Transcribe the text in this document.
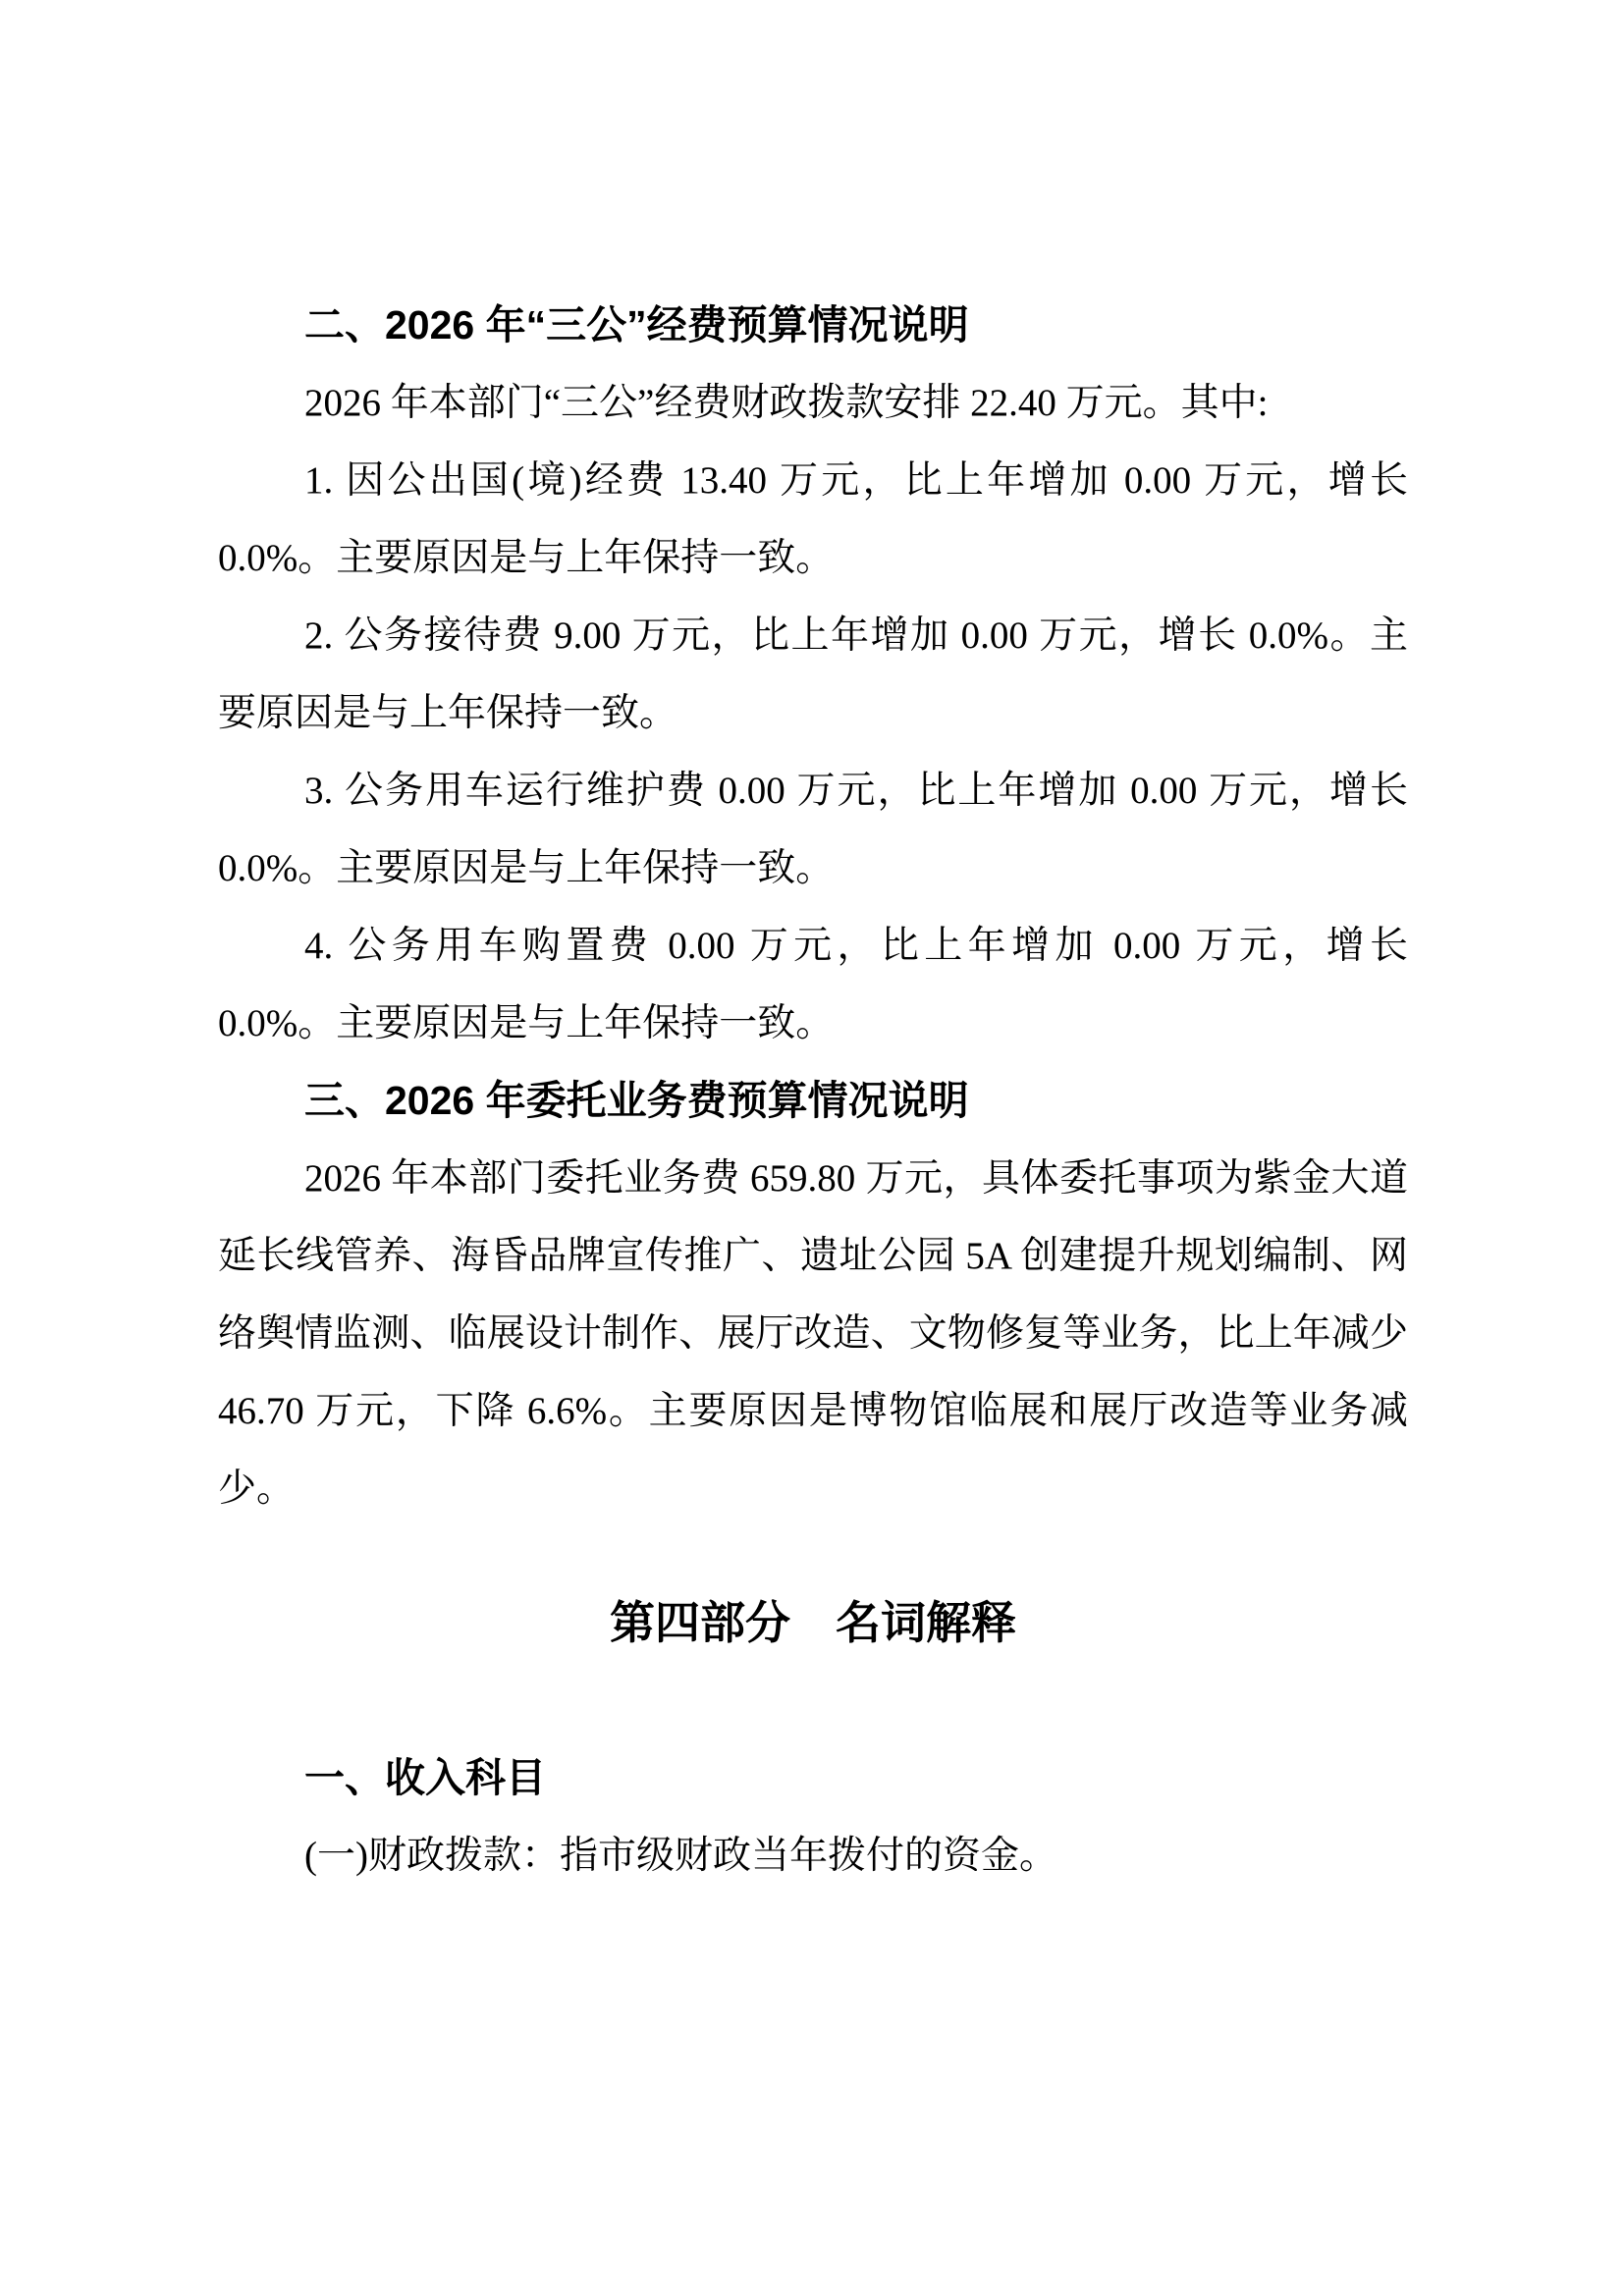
二、2026 年“三公”经费预算情况说明

2026 年本部门“三公”经费财政拨款安排 22.40 万元。其中:

1. 因公出国(境)经费 13.40 万元，比上年增加 0.00 万元，增长 0.0%。主要原因是与上年保持一致。

2. 公务接待费 9.00 万元，比上年增加 0.00 万元，增长 0.0%。主要原因是与上年保持一致。

3. 公务用车运行维护费 0.00 万元，比上年增加 0.00 万元，增长 0.0%。主要原因是与上年保持一致。

4. 公务用车购置费 0.00 万元，比上年增加 0.00 万元，增长 0.0%。主要原因是与上年保持一致。

三、2026 年委托业务费预算情况说明

2026 年本部门委托业务费 659.80 万元，具体委托事项为紫金大道延长线管养、海昏品牌宣传推广、遗址公园 5A 创建提升规划编制、网络舆情监测、临展设计制作、展厅改造、文物修复等业务，比上年减少 46.70 万元，下降 6.6%。主要原因是博物馆临展和展厅改造等业务减少。

第四部分　名词解释
一、收入科目

(一)财政拨款：指市级财政当年拨付的资金。
